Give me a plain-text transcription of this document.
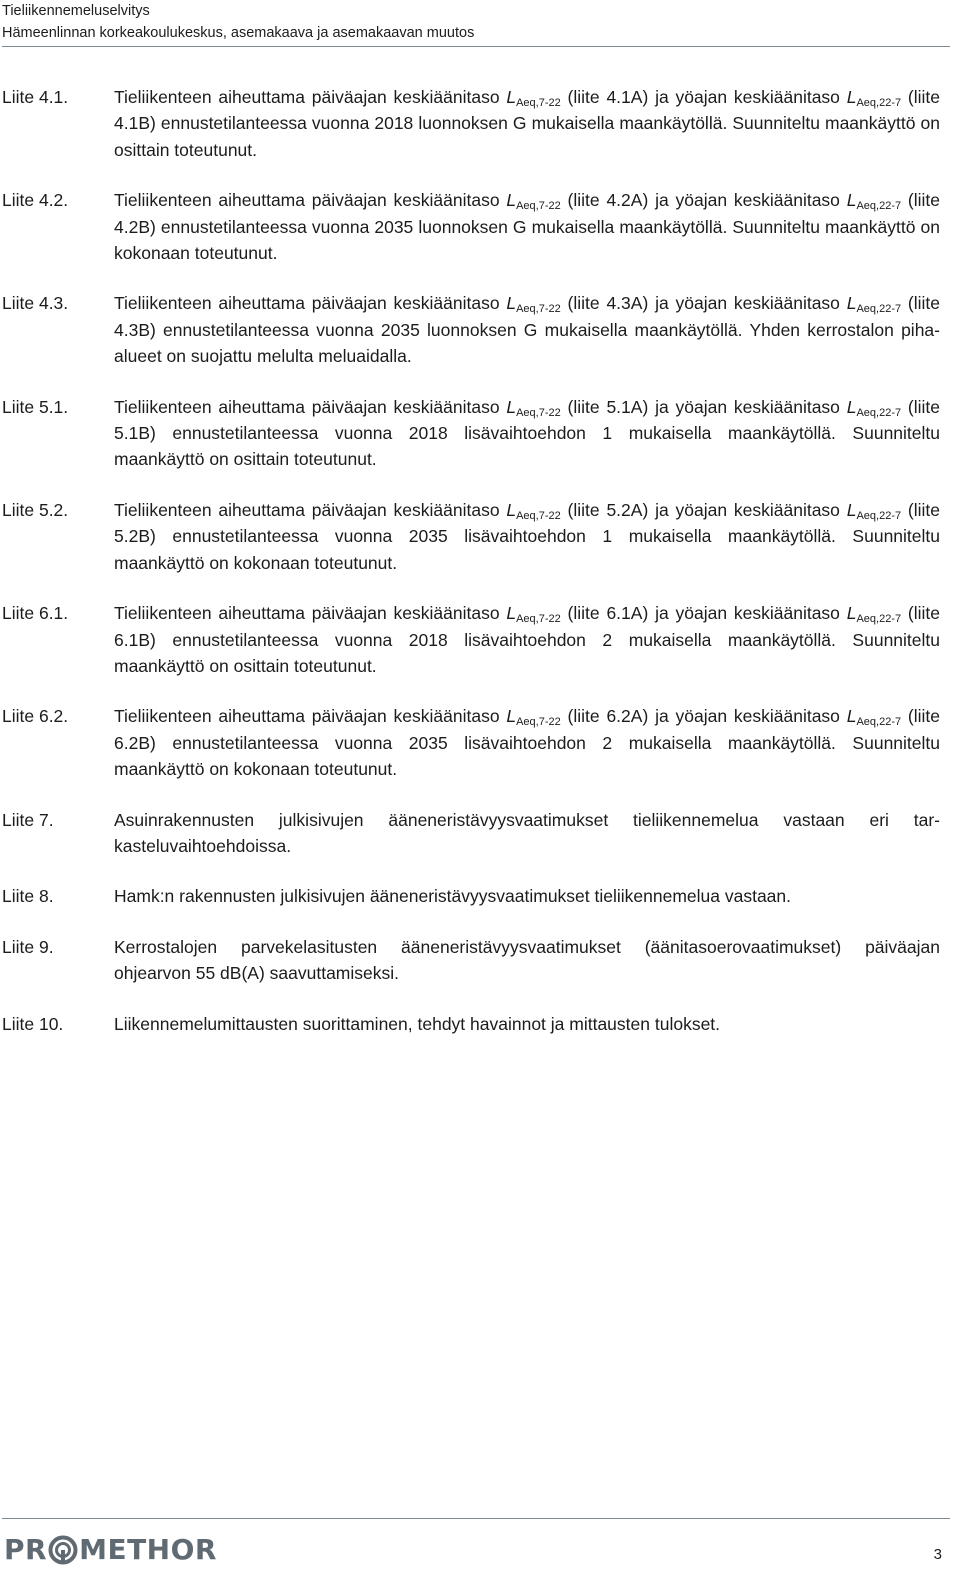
Tieliikennemeluselvitys
Hämeenlinnan korkeakoulukeskus, asemakaava ja asemakaavan muutos
Liite 4.1.	Tieliikenteen aiheuttama päiväajan keskiäänitaso $L_{Aeq,7-22}$ (liite 4.1A) ja yöajan keskiäänitaso $L_{Aeq,22-7}$ (liite 4.1B) ennustetilanteessa vuonna 2018 luonnoksen G mukaisella maankäytöllä. Suunniteltu maankäyttö on osittain toteutunut.
Liite 4.2.	Tieliikenteen aiheuttama päiväajan keskiäänitaso $L_{Aeq,7-22}$ (liite 4.2A) ja yöajan keskiäänitaso $L_{Aeq,22-7}$ (liite 4.2B) ennustetilanteessa vuonna 2035 luonnoksen G mukaisella maankäytöllä. Suunniteltu maankäyttö on kokonaan toteutunut.
Liite 4.3.	Tieliikenteen aiheuttama päiväajan keskiäänitaso $L_{Aeq,7-22}$ (liite 4.3A) ja yöajan keskiäänitaso $L_{Aeq,22-7}$ (liite 4.3B) ennustetilanteessa vuonna 2035 luonnoksen G mukaisella maankäytöllä. Yhden kerrostalon piha-alueet on suojattu melulta meluaidalla.
Liite 5.1.	Tieliikenteen aiheuttama päiväajan keskiäänitaso $L_{Aeq,7-22}$ (liite 5.1A) ja yöajan keskiäänitaso $L_{Aeq,22-7}$ (liite 5.1B) ennustetilanteessa vuonna 2018 lisävaihtoehdon 1 mukaisella maankäytöllä. Suunniteltu maankäyttö on osittain toteutunut.
Liite 5.2.	Tieliikenteen aiheuttama päiväajan keskiäänitaso $L_{Aeq,7-22}$ (liite 5.2A) ja yöajan keskiäänitaso $L_{Aeq,22-7}$ (liite 5.2B) ennustetilanteessa vuonna 2035 lisävaihtoehdon 1 mukaisella maankäytöllä. Suunniteltu maankäyttö on kokonaan toteutunut.
Liite 6.1.	Tieliikenteen aiheuttama päiväajan keskiäänitaso $L_{Aeq,7-22}$ (liite 6.1A) ja yöajan keskiäänitaso $L_{Aeq,22-7}$ (liite 6.1B) ennustetilanteessa vuonna 2018 lisävaihtoehdon 2 mukaisella maankäytöllä. Suunniteltu maankäyttö on osittain toteutunut.
Liite 6.2.	Tieliikenteen aiheuttama päiväajan keskiäänitaso $L_{Aeq,7-22}$ (liite 6.2A) ja yöajan keskiäänitaso $L_{Aeq,22-7}$ (liite 6.2B) ennustetilanteessa vuonna 2035 lisävaihtoehdon 2 mukaisella maankäytöllä. Suunniteltu maankäyttö on kokonaan toteutunut.
Liite 7.	Asuinrakennusten julkisivujen ääneneristävyysvaatimukset tieliikennemelua vastaan eri tarkasteluvaihtoehdoissa.
Liite 8.	Hamk:n rakennusten julkisivujen ääneneristävyysvaatimukset tieliikennemelua vastaan.
Liite 9.	Kerrostalojen parvekelasitusten ääneneristävyysvaatimukset (äänitasoerovaatimukset) päiväajan ohjearvon 55 dB(A) saavuttamiseksi.
Liite 10.	Liikennemelumittausten suorittaminen, tehdyt havainnot ja mittausten tulokset.
PR METHOR	3
